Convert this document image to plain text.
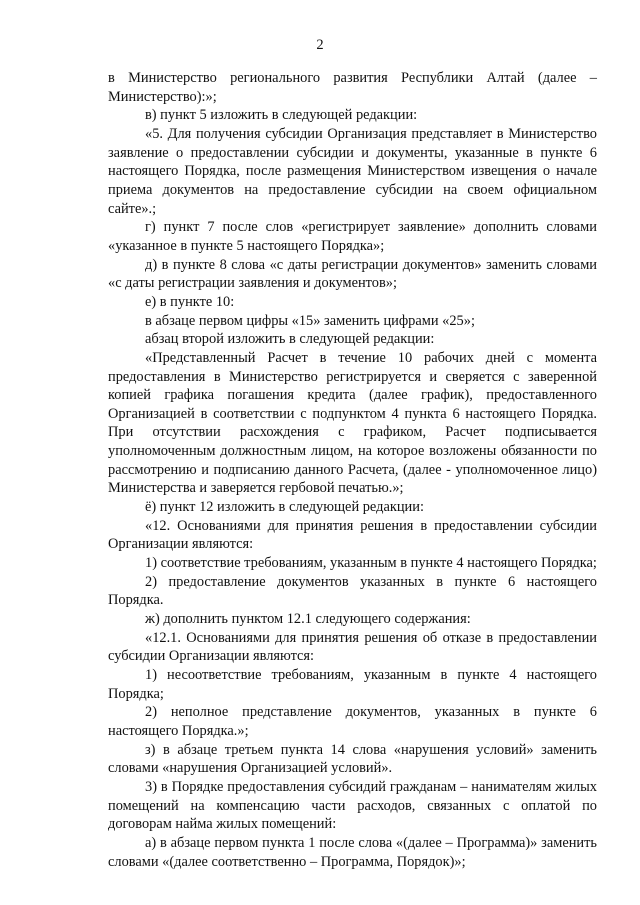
2

в Министерство регионального развития Республики Алтай (далее – Министерство):»;

в) пункт 5 изложить в следующей редакции:

«5. Для получения субсидии Организация представляет в Министерство заявление о предоставлении субсидии и документы, указанные в пункте 6 настоящего Порядка, после размещения Министерством извещения о начале приема документов на предоставление субсидии на своем официальном сайте».;

г) пункт 7 после слов «регистрирует заявление» дополнить словами «указанное в пункте 5 настоящего Порядка»;

д) в пункте 8 слова «с даты регистрации документов» заменить словами «с даты регистрации заявления и документов»;

е) в пункте 10:

в абзаце первом цифры «15» заменить цифрами «25»;

абзац второй изложить в следующей редакции:

«Представленный Расчет в течение 10 рабочих дней с момента предоставления в Министерство регистрируется и сверяется с заверенной копией графика погашения кредита (далее график), предоставленного Организацией в соответствии с подпунктом 4 пункта 6 настоящего Порядка. При отсутствии расхождения с графиком, Расчет подписывается уполномоченным должностным лицом, на которое возложены обязанности по рассмотрению и подписанию данного Расчета, (далее - уполномоченное лицо) Министерства и заверяется гербовой печатью.»;

ё) пункт 12 изложить в следующей редакции:

«12. Основаниями для принятия решения в предоставлении субсидии Организации являются:

1) соответствие требованиям, указанным в пункте 4 настоящего Порядка;

2) предоставление документов указанных в пункте 6 настоящего Порядка.

ж) дополнить пунктом 12.1 следующего содержания:

«12.1. Основаниями для принятия решения об отказе в предоставлении субсидии Организации являются:

1) несоответствие требованиям, указанным в пункте 4 настоящего Порядка;

2) неполное представление документов, указанных в пункте 6 настоящего Порядка.»;

з) в абзаце третьем пункта 14 слова «нарушения условий» заменить словами «нарушения Организацией условий».

3) в Порядке предоставления субсидий гражданам – нанимателям жилых помещений на компенсацию части расходов, связанных с оплатой по договорам найма жилых помещений:

а) в абзаце первом пункта 1 после слова «(далее – Программа)» заменить словами «(далее соответственно – Программа, Порядок)»;
